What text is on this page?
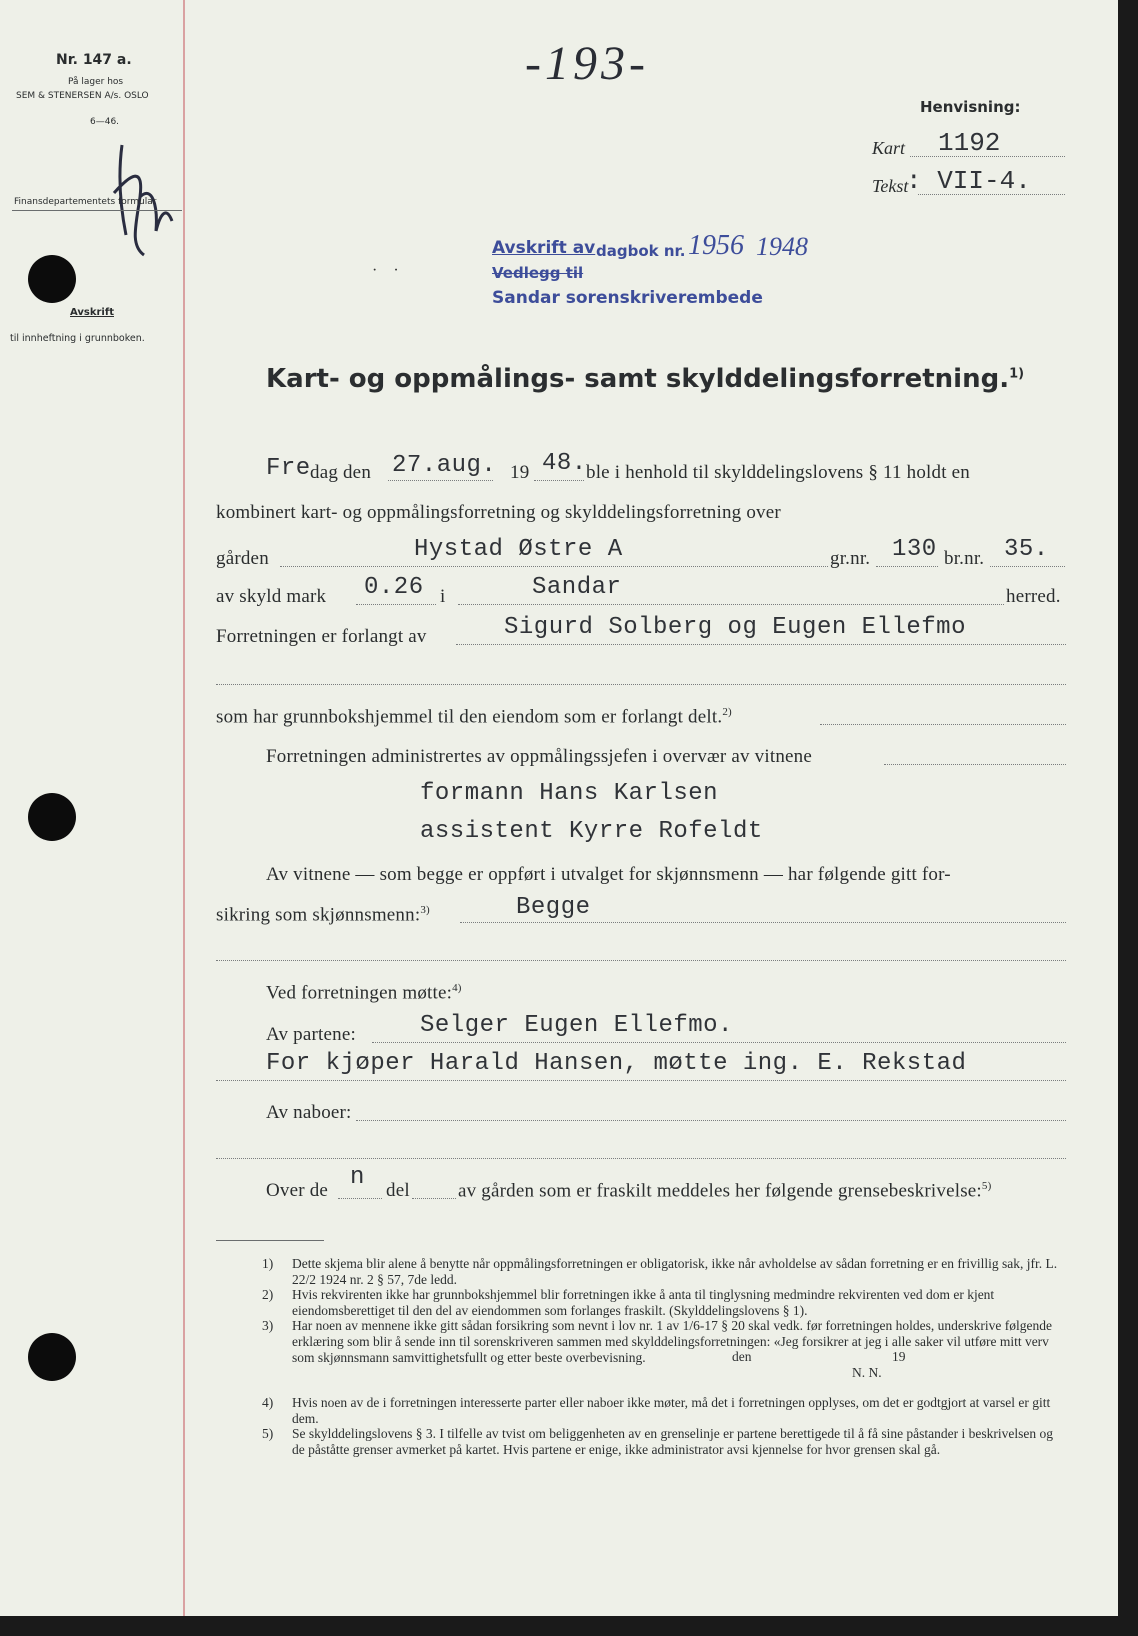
Nr. 147 a.
På lager hos
SEM & STENERSEN A/s. OSLO
6—46.
Finansdepartementets formular
Avskrift
til innheftning i grunnboken.
-193-
Henvisning:
Kart 1192
Tekst
: VII-4.
·    ·
Avskrift av dagbok nr. 1956 1948
Vedlegg til
Sandar sorenskriverembede
Kart- og oppmålings- samt skylddelingsforretning.$^{1)}$
Fre dag den 27.aug. 19 48. ble i henhold til skylddelingslovens § 11 holdt en
kombinert kart- og oppmålingsforretning og skylddelingsforretning over
gården	Hystad Østre A	gr.nr. 130 br.nr. 35.
av skyld mark 0.26 i	Sandar	herred.
Forretningen er forlangt av	Sigurd Solberg og Eugen Ellefmo
som har grunnbokshjemmel til den eiendom som er forlangt delt.$^{2)}$
Forretningen administrertes av oppmålingssjefen i overvær av vitnene
formann Hans Karlsen
assistent Kyrre Rofeldt
Av vitnene — som begge er oppført i utvalget for skjønnsmenn — har følgende gitt for-
sikring som skjønnsmenn:$^{3)}$	Begge
Ved forretningen møtte:$^{4)}$
Av partene:	Selger Eugen Ellefmo.
For kjøper Harald Hansen, møtte ing. E. Rekstad
Av naboer:
Over de n del	av gården som er fraskilt meddeles her følgende grensebeskrivelse:$^{5)}$
1) Dette skjema blir alene å benytte når oppmålingsforretningen er obligatorisk, ikke når avholdelse av sådan forretning er en frivillig sak, jfr. L. 22/2 1924 nr. 2 § 57, 7de ledd.
2) Hvis rekvirenten ikke har grunnbokshjemmel blir forretningen ikke å anta til tinglysning medmindre rekvirenten ved dom er kjent eiendomsberettiget til den del av eiendommen som forlanges fraskilt. (Skylddelingslovens § 1).
3) Har noen av mennene ikke gitt sådan forsikring som nevnt i lov nr. 1 av 1/6-17 § 20 skal vedk. før forretningen holdes, underskrive følgende erklæring som blir å sende inn til sorenskriveren sammen med skylddelingsforretningen: «Jeg forsikrer at jeg i alle saker vil utføre mitt verv som skjønnsmann samvittighetsfullt og etter beste overbevisning.	den	19
N. N.
4) Hvis noen av de i forretningen interesserte parter eller naboer ikke møter, må det i forretningen opplyses, om det er godtgjort at varsel er gitt dem.
5) Se skylddelingslovens § 3. I tilfelle av tvist om beliggenheten av en grenselinje er partene berettigede til å få sine påstander i beskrivelsen og de påståtte grenser avmerket på kartet. Hvis partene er enige, ikke administrator avsi kjennelse for hvor grensen skal gå.
